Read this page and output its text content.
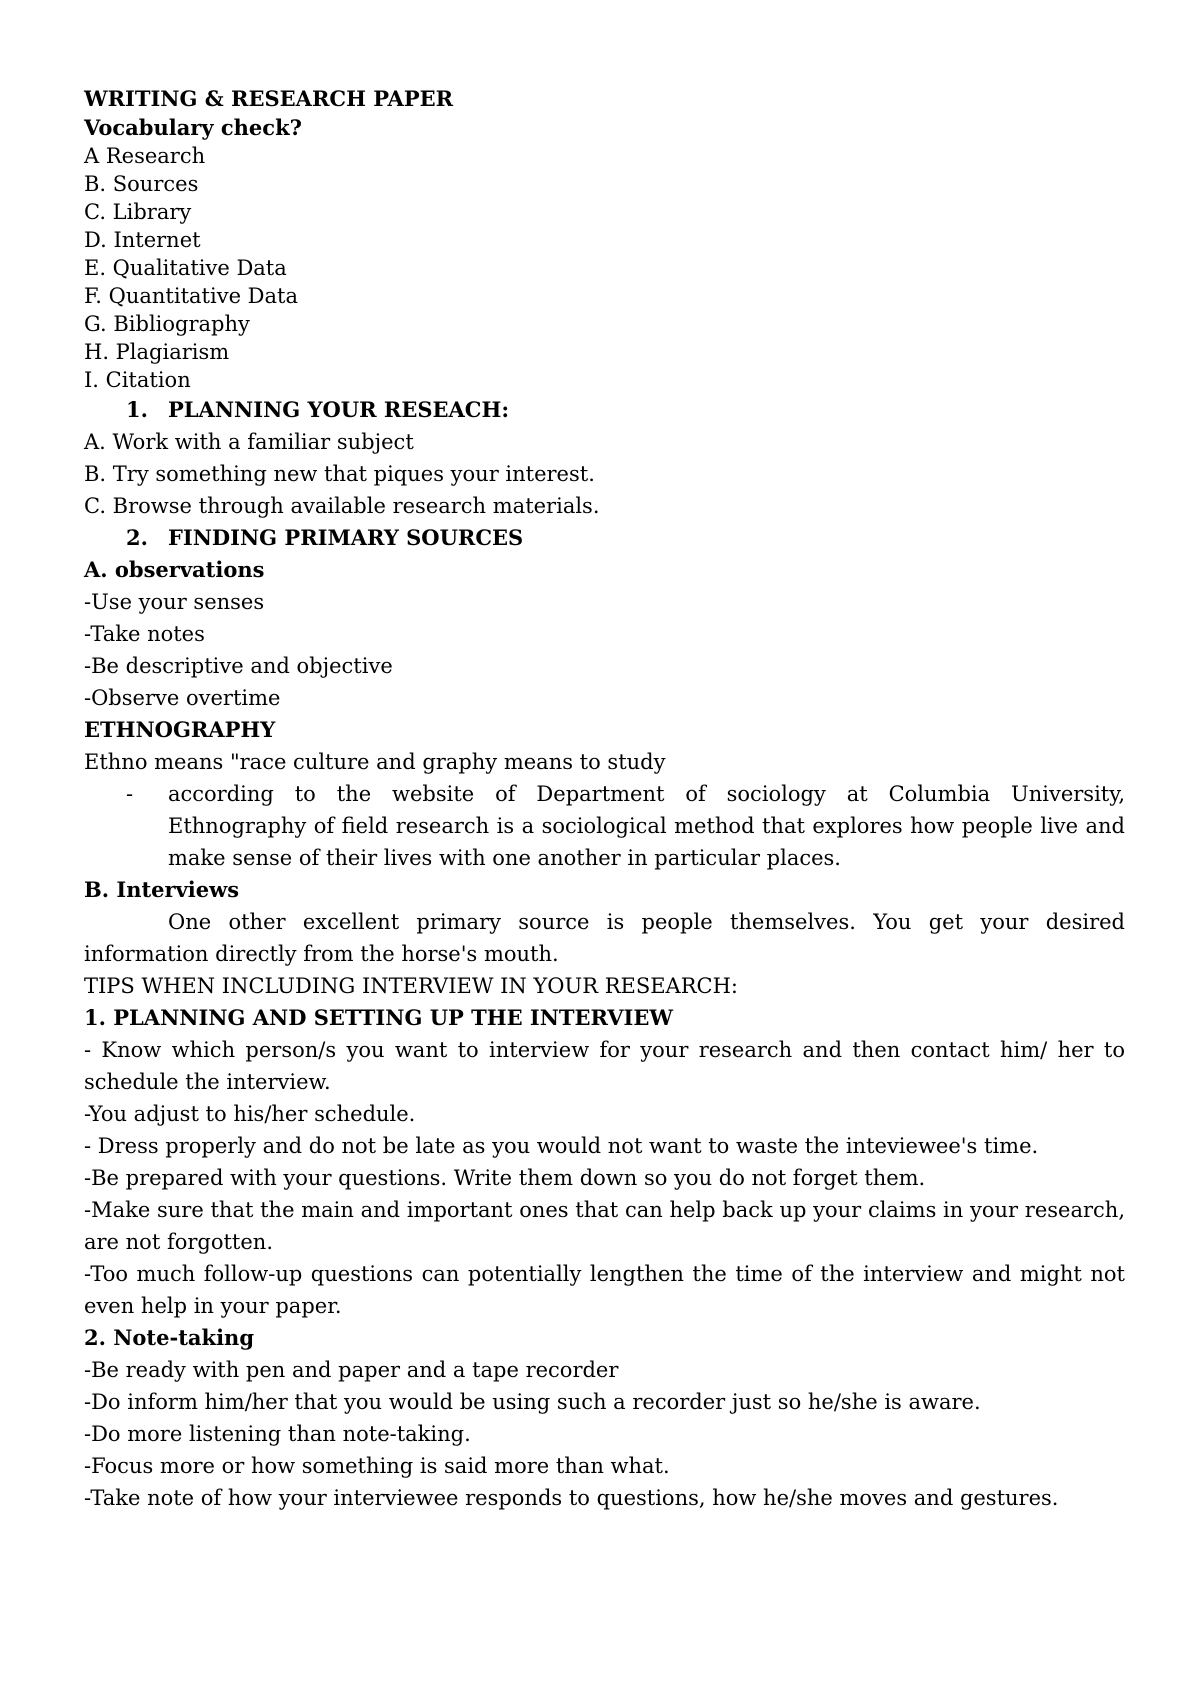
WRITING & RESEARCH PAPER
Vocabulary check?
A Research
B. Sources
C. Library
D. Internet
E. Qualitative Data
F. Quantitative Data
G. Bibliography
H. Plagiarism
I. Citation
1. PLANNING YOUR RESEACH:
A. Work with a familiar subject
B. Try something new that piques your interest.
C. Browse through available research materials.
2. FINDING PRIMARY SOURCES
A. observations
-Use your senses
-Take notes
-Be descriptive and objective
-Observe overtime
ETHNOGRAPHY
Ethno means "race culture and graphy means to study
-	according to the website of Department of sociology at Columbia University, Ethnography of field research is a sociological method that explores how people live and make sense of their lives with one another in particular places.
B. Interviews
One other excellent primary source is people themselves. You get your desired information directly from the horse's mouth.
TIPS WHEN INCLUDING INTERVIEW IN YOUR RESEARCH:
1. PLANNING AND SETTING UP THE INTERVIEW
- Know which person/s you want to interview for your research and then contact him/ her to schedule the interview.
-You adjust to his/her schedule.
- Dress properly and do not be late as you would not want to waste the inteviewee's time.
-Be prepared with your questions. Write them down so you do not forget them.
-Make sure that the main and important ones that can help back up your claims in your research, are not forgotten.
-Too much follow-up questions can potentially lengthen the time of the interview and might not even help in your paper.
2. Note-taking
-Be ready with pen and paper and a tape recorder
-Do inform him/her that you would be using such a recorder just so he/she is aware.
-Do more listening than note-taking.
-Focus more or how something is said more than what.
-Take note of how your interviewee responds to questions, how he/she moves and gestures.
